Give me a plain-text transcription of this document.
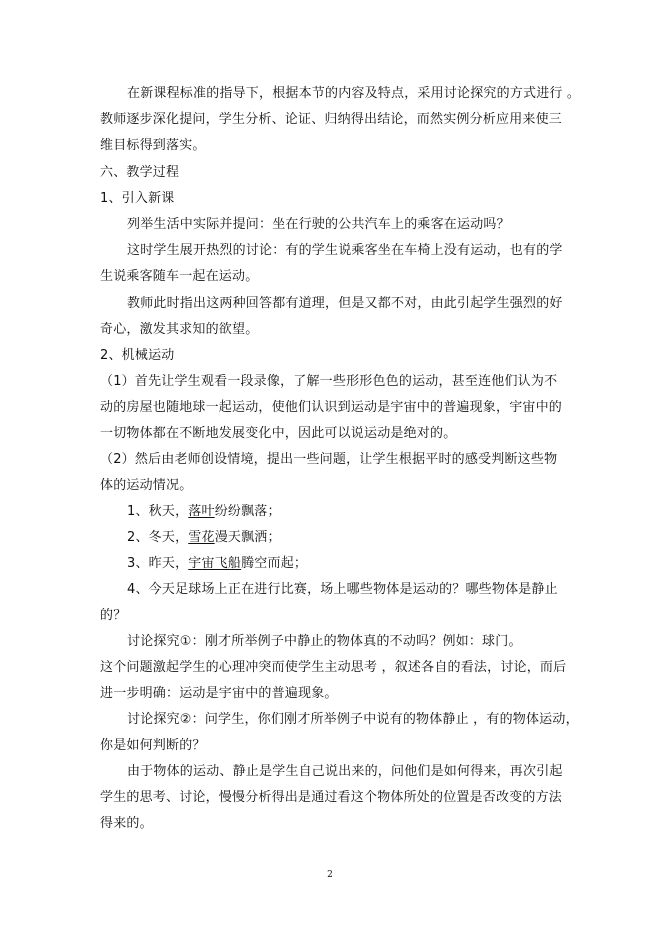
在新课程标准的指导下，根据本节的内容及特点，采用讨论探究的方式进行 。
教师逐步深化提问，学生分析、论证、归纳得出结论，而然实例分析应用来使三
维目标得到落实。
六、教学过程
1、引入新课
列举生活中实际并提问：坐在行驶的公共汽车上的乘客在运动吗？
这时学生展开热烈的讨论：有的学生说乘客坐在车椅上没有运动，也有的学
生说乘客随车一起在运动。
教师此时指出这两种回答都有道理，但是又都不对，由此引起学生强烈的好
奇心，激发其求知的欲望。
2、机械运动
（1）首先让学生观看一段录像，了解一些形形色色的运动，甚至连他们认为不
动的房屋也随地球一起运动，使他们认识到运动是宇宙中的普遍现象，宇宙中的
一切物体都在不断地发展变化中，因此可以说运动是绝对的。
（2）然后由老师创设情境，提出一些问题，让学生根据平时的感受判断这些物
体的运动情况。
1、秋天，落叶纷纷飘落；
2、冬天，雪花漫天飘洒；
3、昨天，宇宙飞船腾空而起；
4、今天足球场上正在进行比赛，场上哪些物体是运动的？哪些物体是静止
的？
讨论探究①：刚才所举例子中静止的物体真的不动吗？例如：球门。
这个问题激起学生的心理冲突而使学生主动思考 ，叙述各自的看法，讨论，而后
进一步明确：运动是宇宙中的普遍现象。
讨论探究②：问学生，你们刚才所举例子中说有的物体静止 ，有的物体运动，
你是如何判断的？
由于物体的运动、静止是学生自己说出来的，问他们是如何得来，再次引起
学生的思考、讨论，慢慢分析得出是通过看这个物体所处的位置是否改变的方法
得来的。
2
